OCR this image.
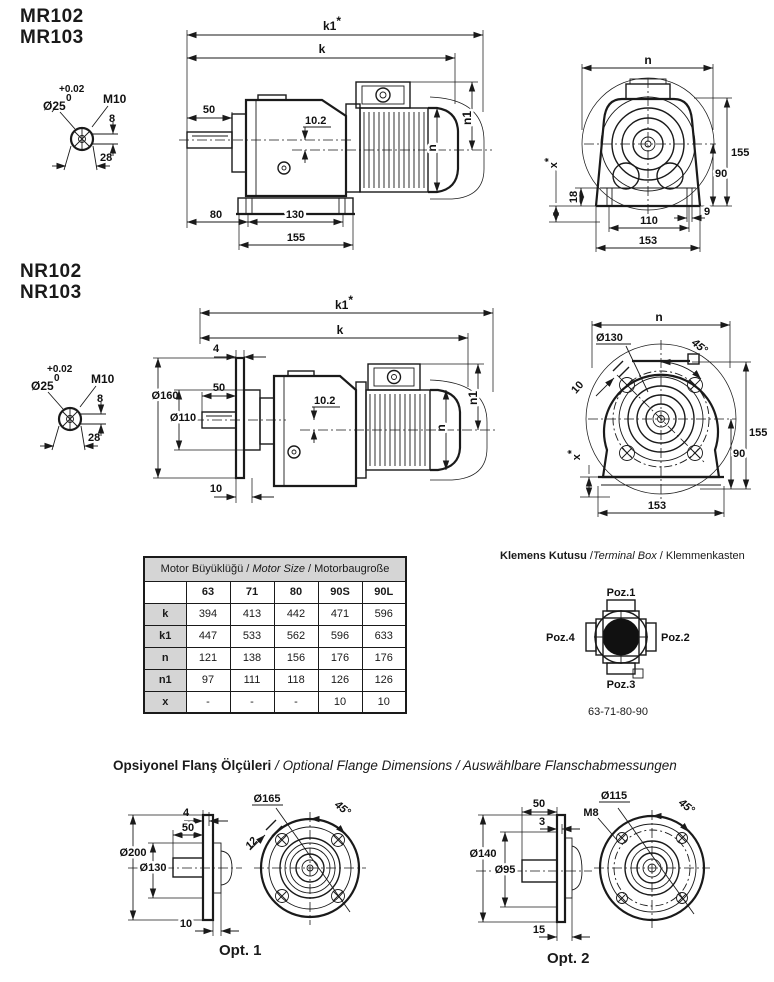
MR102
MR103
NR102
NR103
+0.02
0
Ø25	M10
8
28
k1*
k
50
10.2	n1
n
80	130
155
n
155
90
18
x*
9
110
153
+0.02
0
Ø25	M10
8
28
k1*
k
4
50
Ø160
Ø110
10.2	n1
n
10
n
Ø130	45°
10
x*
155
90
153
Poz.1
Poz.2
Poz.3
Poz.4
4
50
Ø200
Ø130
10
Ø165	45°
12
50
3
Ø140
Ø95
15
Ø115
M8	45°
Motor Büyüklüğü / Motor Size / Motorbaugroße					
	63	71	80	90S	90L
k	394	413	442	471	596
k1	447	533	562	596	633
n	121	138	156	176	176
n1	97	111	118	126	126
x	-	-	-	10	10
Klemens Kutusu /Terminal Box / Klemmenkasten
63-71-80-90
Opsiyonel Flanş Ölçüleri / Optional Flange Dimensions / Auswählbare Flanschabmessungen
Opt. 1	Opt. 2
